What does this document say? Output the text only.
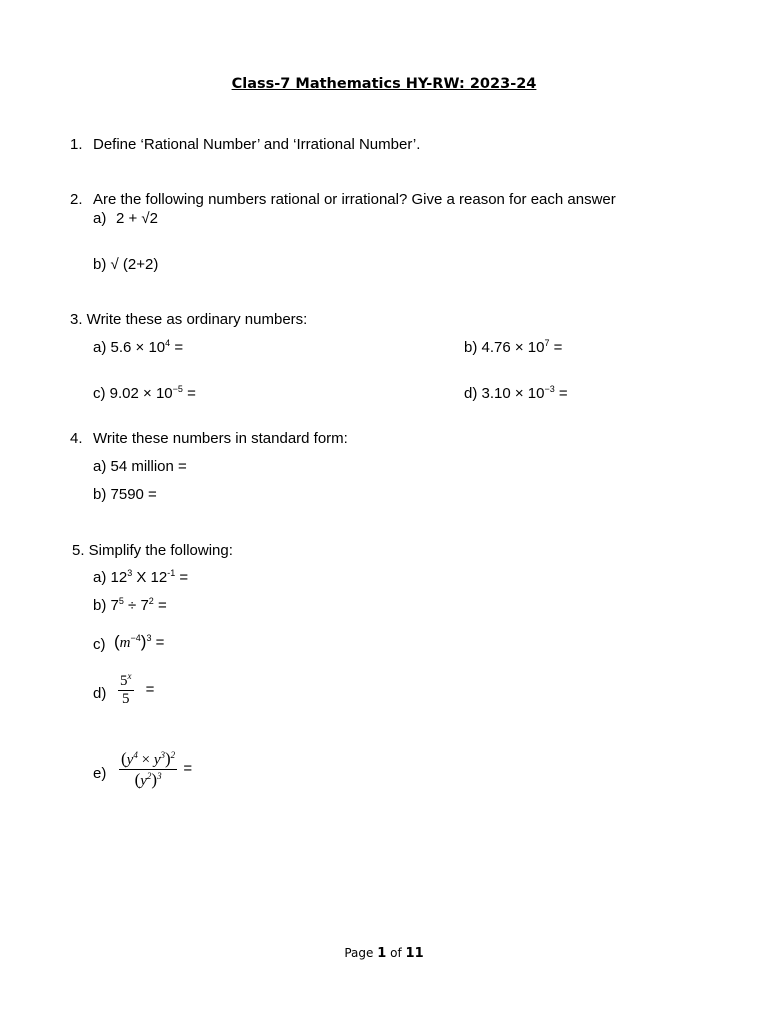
Class-7 Mathematics HY-RW: 2023-24
1. Define ‘Rational Number’ and ‘Irrational Number’.
2. Are the following numbers rational or irrational? Give a reason for each answer
a) 2 + √2
b) √ (2+2)
3. Write these as ordinary numbers:
a) $5.6 \times 10^4$ =	b) $4.76 \times 10^7$ =
c) $9.02 \times 10^{-5}$ =	d) $3.10 \times 10^{-3}$ =
4. Write these numbers in standard form:
a) 54 million =
b) 7590 =
5. Simplify the following:
a) $12^3$ X $12^{-1}$ =
b) $7^5 \div 7^2$ =
c) $(m^{-4})^3$ =
$d) \frac{5^x}{5}$ =
$e) \frac{(y^4 \times y^3)^2}{(y^2)^3}$ =
Page 1 of 11
